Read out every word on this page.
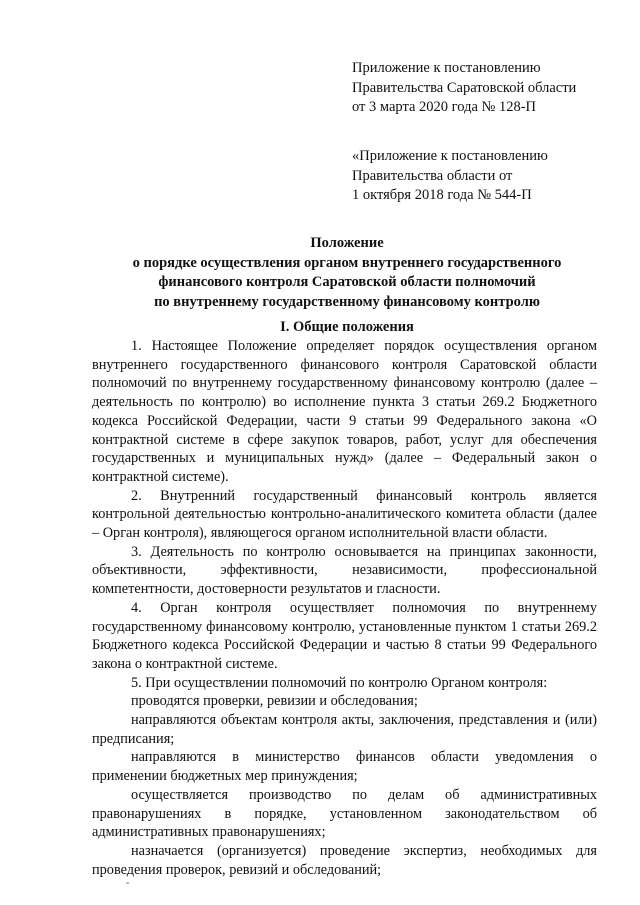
Приложение к постановлению
Правительства Саратовской области
от 3 марта 2020 года № 128-П
«Приложение к постановлению
Правительства области от
1 октября 2018 года № 544-П
Положение
о порядке осуществления органом внутреннего государственного
финансового контроля Саратовской области полномочий
по внутреннему государственному финансовому контролю
I. Общие положения

1. Настоящее Положение определяет порядок осуществления органом внутреннего государственного финансового контроля Саратовской области полномочий по внутреннему государственному финансовому контролю (далее – деятельность по контролю) во исполнение пункта 3 статьи 269.2 Бюджетного кодекса Российской Федерации, части 9 статьи 99 Федерального закона «О контрактной системе в сфере закупок товаров, работ, услуг для обеспечения государственных и муниципальных нужд» (далее – Федеральный закон о контрактной системе).

2. Внутренний государственный финансовый контроль является контрольной деятельностью контрольно-аналитического комитета области (далее – Орган контроля), являющегося органом исполнительной власти области.

3. Деятельность по контролю основывается на принципах законности, объективности, эффективности, независимости, профессиональной компетентности, достоверности результатов и гласности.

4. Орган контроля осуществляет полномочия по внутреннему государственному финансовому контролю, установленные пунктом 1 статьи 269.2 Бюджетного кодекса Российской Федерации и частью 8 статьи 99 Федерального закона о контрактной системе.

5. При осуществлении полномочий по контролю Органом контроля:

проводятся проверки, ревизии и обследования;

направляются объектам контроля акты, заключения, представления и (или) предписания;

направляются в министерство финансов области уведомления о применении бюджетных мер принуждения;

осуществляется производство по делам об административных правонарушениях в порядке, установленном законодательством об административных правонарушениях;

назначается (организуется) проведение экспертиз, необходимых для проведения проверок, ревизий и обследований;
